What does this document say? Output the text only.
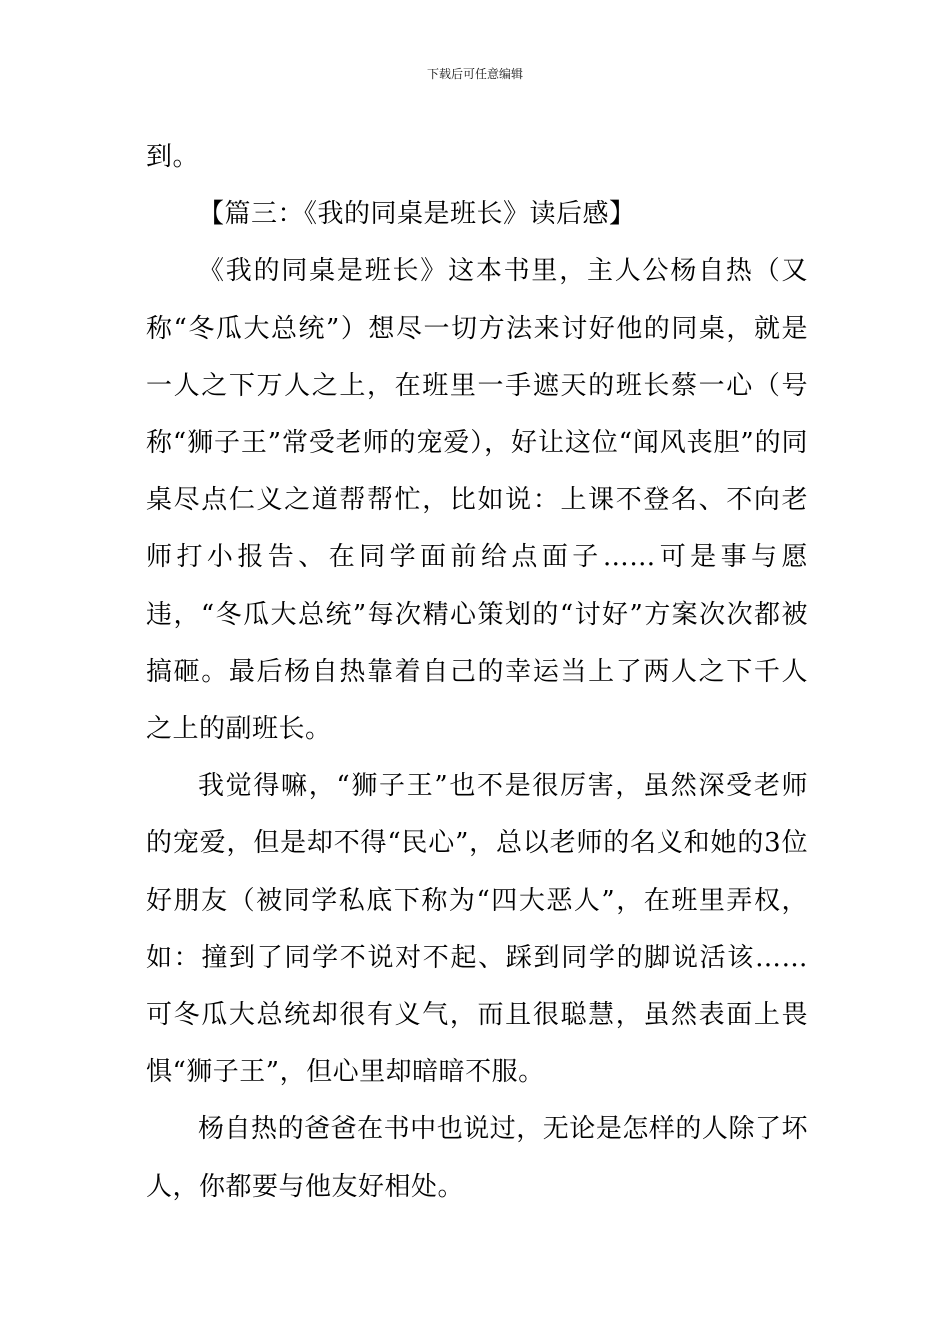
下载后可任意编辑

到。

【篇三：《我的同桌是班长》读后感】

《我的同桌是班长》这本书里，主人公杨自热（又称“冬瓜大总统”）想尽一切方法来讨好他的同桌，就是一人之下万人之上，在班里一手遮天的班长蔡一心（号称“狮子王”常受老师的宠爱），好让这位“闻风丧胆”的同桌尽点仁义之道帮帮忙，比如说：上课不登名、不向老师打小报告、在同学面前给点面子……可是事与愿违，“冬瓜大总统”每次精心策划的“讨好”方案次次都被搞砸。最后杨自热靠着自己的幸运当上了两人之下千人之上的副班长。

我觉得嘛，“狮子王”也不是很厉害，虽然深受老师的宠爱，但是却不得“民心”，总以老师的名义和她的3位好朋友（被同学私底下称为“四大恶人”，在班里弄权，如：撞到了同学不说对不起、踩到同学的脚说活该……可冬瓜大总统却很有义气，而且很聪慧，虽然表面上畏惧“狮子王”，但心里却暗暗不服。

杨自热的爸爸在书中也说过，无论是怎样的人除了坏人，你都要与他友好相处。
